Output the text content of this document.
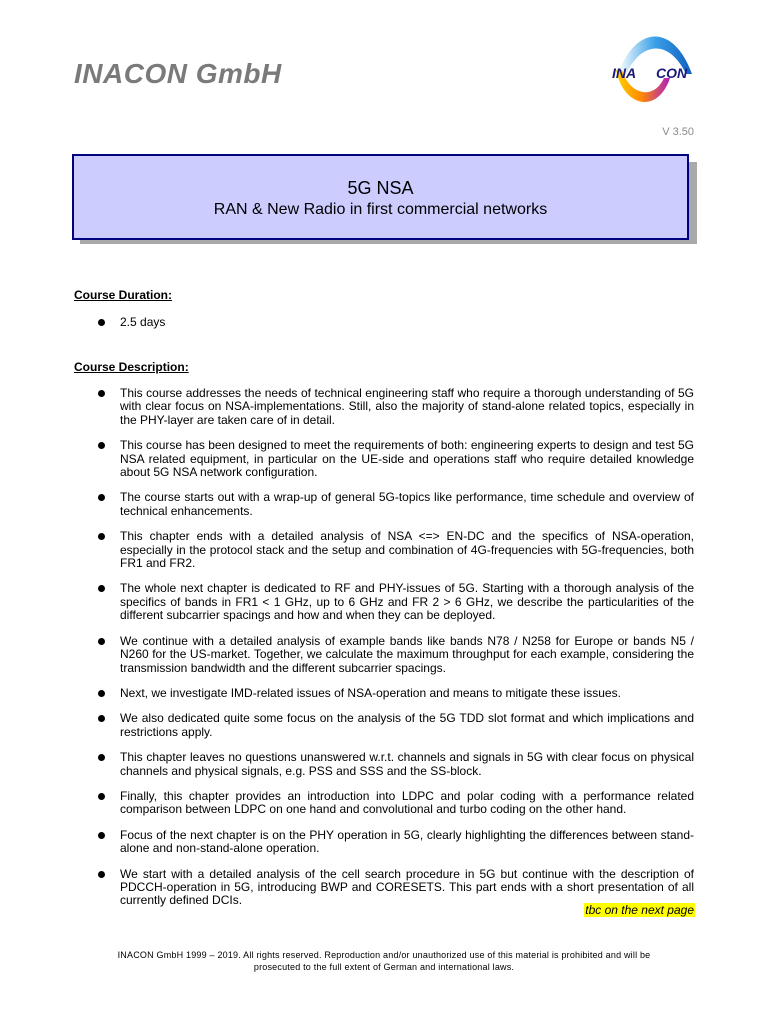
INACON GmbH	INA CON
V 3.50
5G NSA
RAN & New Radio in first commercial networks
Course Duration:
2.5 days
Course Description:
This course addresses the needs of technical engineering staff who require a thorough understanding of 5G with clear focus on NSA-implementations. Still, also the majority of stand-alone related topics, especially in the PHY-layer are taken care of in detail.
This course has been designed to meet the requirements of both: engineering experts to design and test 5G NSA related equipment, in particular on the UE-side and operations staff who require detailed knowledge about 5G NSA network configuration.
The course starts out with a wrap-up of general 5G-topics like performance, time schedule and overview of technical enhancements.
This chapter ends with a detailed analysis of NSA <=> EN-DC and the specifics of NSA-operation, especially in the protocol stack and the setup and combination of 4G-frequencies with 5G-frequencies, both FR1 and FR2.
The whole next chapter is dedicated to RF and PHY-issues of 5G. Starting with a thorough analysis of the specifics of bands in FR1 < 1 GHz, up to 6 GHz and FR 2 > 6 GHz, we describe the particularities of the different subcarrier spacings and how and when they can be deployed.
We continue with a detailed analysis of example bands like bands N78 / N258 for Europe or bands N5 / N260 for the US-market. Together, we calculate the maximum throughput for each example, considering the transmission bandwidth and the different subcarrier spacings.
Next, we investigate IMD-related issues of NSA-operation and means to mitigate these issues.
We also dedicated quite some focus on the analysis of the 5G TDD slot format and which implications and restrictions apply.
This chapter leaves no questions unanswered w.r.t. channels and signals in 5G with clear focus on physical channels and physical signals, e.g. PSS and SSS and the SS-block.
Finally, this chapter provides an introduction into LDPC and polar coding with a performance related comparison between LDPC on one hand and convolutional and turbo coding on the other hand.
Focus of the next chapter is on the PHY operation in 5G, clearly highlighting the differences between stand-alone and non-stand-alone operation.
We start with a detailed analysis of the cell search procedure in 5G but continue with the description of PDCCH-operation in 5G, introducing BWP and CORESETS. This part ends with a short presentation of all currently defined DCIs.
tbc on the next page
INACON GmbH 1999 – 2019. All rights reserved. Reproduction and/or unauthorized use of this material is prohibited and will be
prosecuted to the full extent of German and international laws.
